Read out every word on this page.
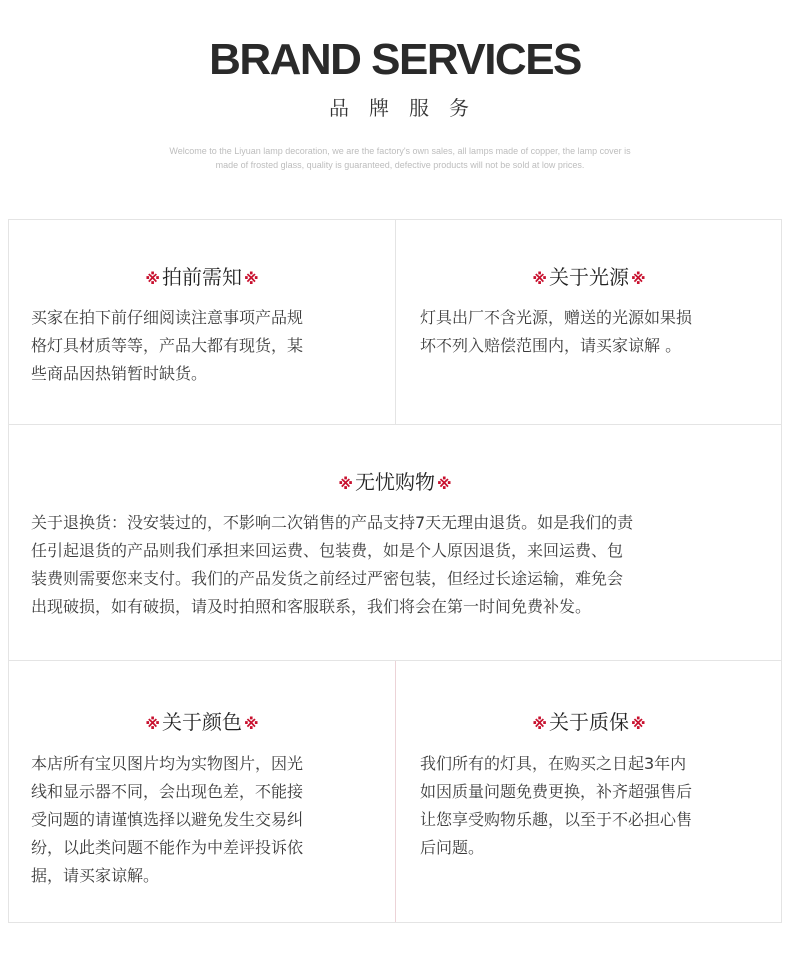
BRAND SERVICES
品牌服务
Welcome to the Liyuan lamp decoration, we are the factory's own sales, all lamps made of copper, the lamp cover is
made of frosted glass, quality is guaranteed, defective products will not be sold at low prices.
※ 拍前需知 ※
买家在拍下前仔细阅读注意事项产品规
格灯具材质等等，产品大都有现货，某
些商品因热销暂时缺货。
※ 关于光源 ※
灯具出厂不含光源，赠送的光源如果损
坏不列入赔偿范围内，请买家谅解 。
※ 无忧购物 ※
关于退换货：没安装过的，不影响二次销售的产品支持7天无理由退货。如是我们的责
任引起退货的产品则我们承担来回运费、包装费，如是个人原因退货，来回运费、包
装费则需要您来支付。我们的产品发货之前经过严密包装，但经过长途运输，难免会
出现破损，如有破损，请及时拍照和客服联系，我们将会在第一时间免费补发。
※ 关于颜色 ※
本店所有宝贝图片均为实物图片，因光
线和显示器不同，会出现色差，不能接
受问题的请谨慎选择以避免发生交易纠
纷，以此类问题不能作为中差评投诉依
据，请买家谅解。
※ 关于质保 ※
我们所有的灯具，在购买之日起3年内
如因质量问题免费更换，补齐超强售后
让您享受购物乐趣，以至于不必担心售
后问题。
